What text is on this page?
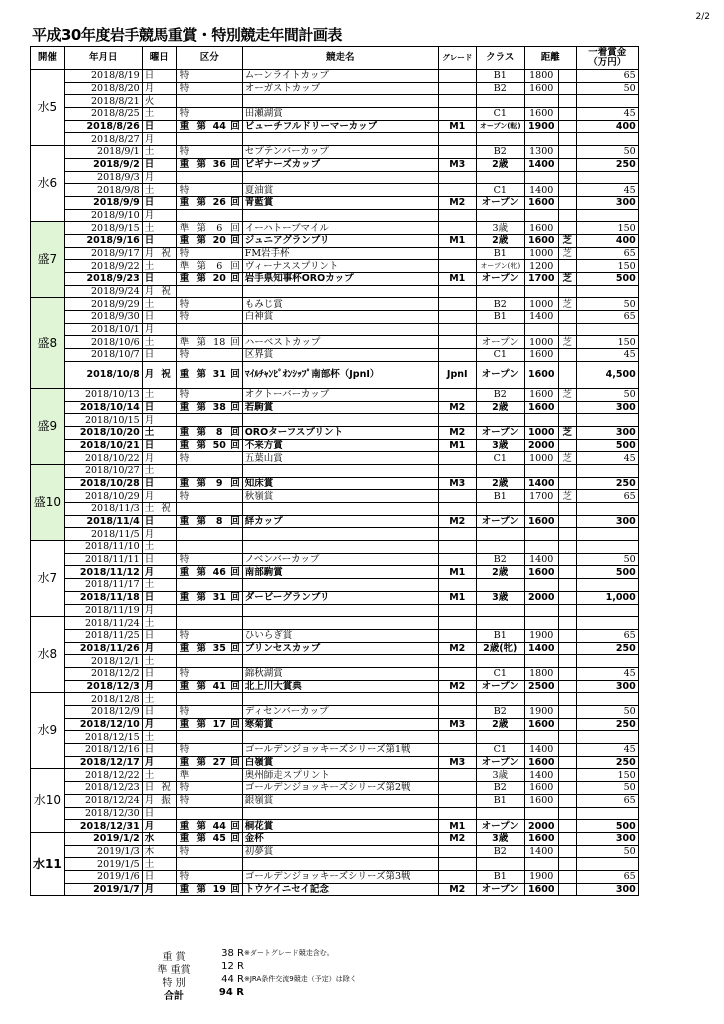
2/2
平成30年度岩手競馬重賞・特別競走年間計画表
開催	年月日	曜日		区分				競走名	グレード	クラス	距離		一着賞金
（万円）
水5	2018/8/19	日		特				ムーンライトカップ		B1	1800		65
	2018/8/20	月		特				オーガストカップ		B2	1600		50
	2018/8/21	火											
	2018/8/25	土		特				田瀬湖賞		C1	1600		45
	2018/8/26	日		重	第	44	回	ビューチフルドリーマーカップ	M1	オープン(転)	1900		400
	2018/8/27	月											
水6	2018/9/1	土		特				セプテンバーカップ		B2	1300		50
	2018/9/2	日		重	第	36	回	ビギナーズカップ	M3	2歳	1400		250
	2018/9/3	月											
	2018/9/8	土		特				夏油賞		C1	1400		45
	2018/9/9	日		重	第	26	回	青藍賞	M2	オープン	1600		300
	2018/9/10	月											
盛7	2018/9/15	土		準	第	6	回	イーハトーブマイル		3歳	1600		150
	2018/9/16	日		重	第	20	回	ジュニアグランプリ	M1	2歳	1600	芝	400
	2018/9/17	月	祝	特				FM岩手杯		B1	1000	芝	65
	2018/9/22	土		準	第	6	回	ヴィーナススプリント		オープン(牝)	1200		150
	2018/9/23	日		重	第	20	回	岩手県知事杯OROカップ	M1	オープン	1700	芝	500
	2018/9/24	月	祝										
盛8	2018/9/29	土		特				もみじ賞		B2	1000	芝	50
	2018/9/30	日		特				白神賞		B1	1400		65
	2018/10/1	月											
	2018/10/6	土		準	第	18	回	ハーベストカップ		オープン	1000	芝	150
	2018/10/7	日		特				区界賞		C1	1600		45
	2018/10/8	月	祝	重	第	31	回	ﾏｲﾙﾁｬﾝﾋﾟｵﾝｼｯﾌﾟ南部杯（JpnⅠ）	JpnⅠ	オープン	1600		4,500
盛9	2018/10/13	土		特				オクトーバーカップ		B2	1600	芝	50
	2018/10/14	日		重	第	38	回	若駒賞	M2	2歳	1600		300
	2018/10/15	月											
	2018/10/20	土		重	第	8	回	OROターフスプリント	M2	オープン	1000	芝	300
	2018/10/21	日		重	第	50	回	不来方賞	M1	3歳	2000		500
	2018/10/22	月		特				五葉山賞		C1	1000	芝	45
盛10	2018/10/27	土											
	2018/10/28	日		重	第	9	回	知床賞	M3	2歳	1400		250
	2018/10/29	月		特				秋嶺賞		B1	1700	芝	65
	2018/11/3	土	祝										
	2018/11/4	日		重	第	8	回	絆カップ	M2	オープン	1600		300
	2018/11/5	月											
水7	2018/11/10	土											
	2018/11/11	日		特				ノベンバーカップ		B2	1400		50
	2018/11/12	月		重	第	46	回	南部駒賞	M1	2歳	1600		500
	2018/11/17	土											
	2018/11/18	日		重	第	31	回	ダービーグランプリ	M1	3歳	2000		1,000
	2018/11/19	月											
水8	2018/11/24	土											
	2018/11/25	日		特				ひいらぎ賞		B1	1900		65
	2018/11/26	月		重	第	35	回	プリンセスカップ	M2	2歳(牝)	1400		250
	2018/12/1	土											
	2018/12/2	日		特				錦秋湖賞		C1	1800		45
	2018/12/3	月		重	第	41	回	北上川大賞典	M2	オープン	2500		300
水9	2018/12/8	土											
	2018/12/9	日		特				ディセンバーカップ		B2	1900		50
	2018/12/10	月		重	第	17	回	寒菊賞	M3	2歳	1600		250
	2018/12/15	土											
	2018/12/16	日		特				ゴールデンジョッキーズシリーズ第1戦		C1	1400		45
	2018/12/17	月		重	第	27	回	白嶺賞	M3	オープン	1600		250
水10	2018/12/22	土		準				奥州師走スプリント		3歳	1400		150
	2018/12/23	日	祝	特				ゴールデンジョッキーズシリーズ第2戦		B2	1600		50
	2018/12/24	月	振	特				銀嶺賞		B1	1600		65
	2018/12/30	日											
	2018/12/31	月		重	第	44	回	桐花賞	M1	オープン	2000		500
水11	2019/1/2	水		重	第	45	回	金杯	M2	3歳	1600		300
	2019/1/3	木		特				初夢賞		B2	1400		50
	2019/1/5	土											
	2019/1/6	日		特				ゴールデンジョッキーズシリーズ第3戦		B1	1900		65
	2019/1/7	月		重	第	19	回	トウケイニセイ記念	M2	オープン	1600		300
重 賞	38 R ※ダートグレード競走含む。
準 重賞	12 R
特 別	44 R ※JRA条件交流9競走（予定）は除く
合計	94 R
